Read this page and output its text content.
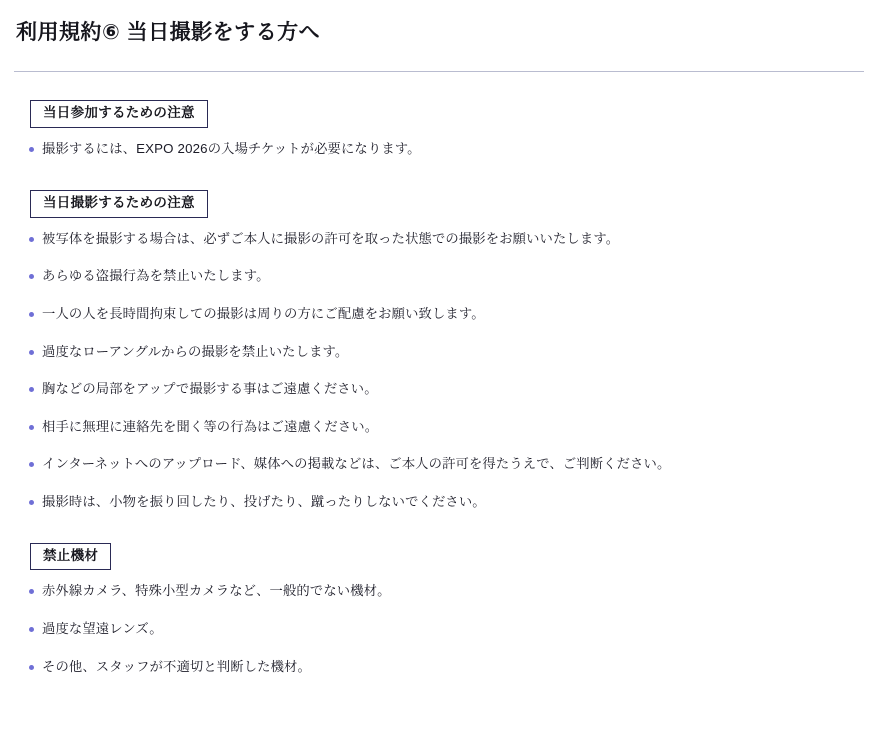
利用規約⑥ 当日撮影をする方へ
当日参加するための注意
撮影するには、EXPO 2026の入場チケットが必要になります。
当日撮影するための注意
被写体を撮影する場合は、必ずご本人に撮影の許可を取った状態での撮影をお願いいたします。
あらゆる盗撮行為を禁止いたします。
一人の人を長時間拘束しての撮影は周りの方にご配慮をお願い致します。
過度なローアングルからの撮影を禁止いたします。
胸などの局部をアップで撮影する事はご遠慮ください。
相手に無理に連絡先を聞く等の行為はご遠慮ください。
インターネットへのアップロード、媒体への掲載などは、ご本人の許可を得たうえで、ご判断ください。
撮影時は、小物を振り回したり、投げたり、蹴ったりしないでください。
禁止機材
赤外線カメラ、特殊小型カメラなど、一般的でない機材。
過度な望遠レンズ。
その他、スタッフが不適切と判断した機材。
